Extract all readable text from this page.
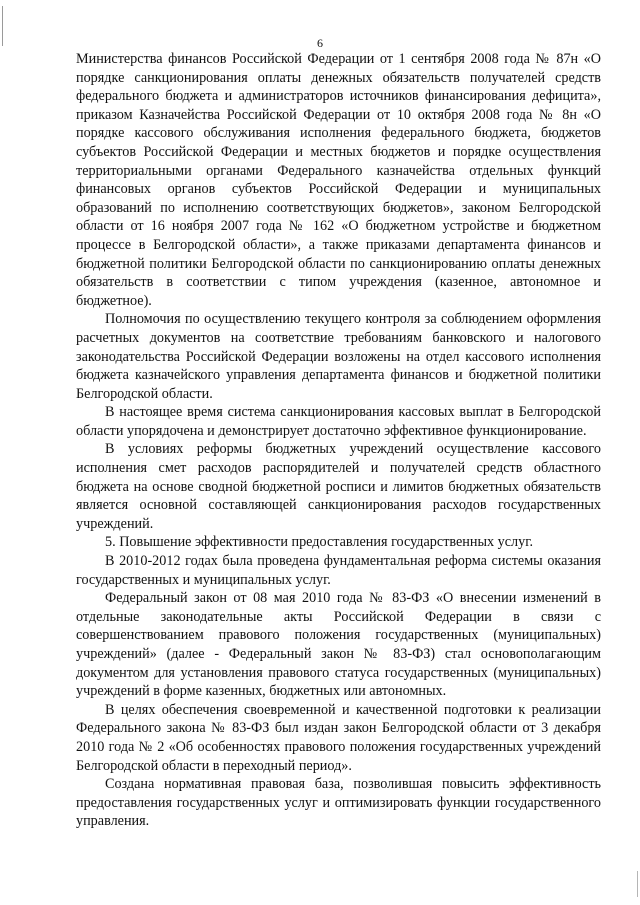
6

Министерства финансов Российской Федерации от 1 сентября 2008 года № 87н «О порядке санкционирования оплаты денежных обязательств получателей средств федерального бюджета и администраторов источников финансирования дефицита», приказом Казначейства Российской Федерации от 10 октября 2008 года № 8н «О порядке кассового обслуживания исполнения федерального бюджета, бюджетов субъектов Российской Федерации и местных бюджетов и порядке осуществления территориальными органами Федерального казначейства отдельных функций финансовых органов субъектов Российской Федерации и муниципальных образований по исполнению соответствующих бюджетов», законом Белгородской области от 16 ноября 2007 года № 162 «О бюджетном устройстве и бюджетном процессе в Белгородской области», а также приказами департамента финансов и бюджетной политики Белгородской области по санкционированию оплаты денежных обязательств в соответствии с типом учреждения (казенное, автономное и бюджетное).

Полномочия по осуществлению текущего контроля за соблюдением оформления расчетных документов на соответствие требованиям банковского и налогового законодательства Российской Федерации возложены на отдел кассового исполнения бюджета казначейского управления департамента финансов и бюджетной политики Белгородской области.

В настоящее время система санкционирования кассовых выплат в Белгородской области упорядочена и демонстрирует достаточно эффективное функционирование.

В условиях реформы бюджетных учреждений осуществление кассового исполнения смет расходов распорядителей и получателей средств областного бюджета на основе сводной бюджетной росписи и лимитов бюджетных обязательств является основной составляющей санкционирования расходов государственных учреждений.

5. Повышение эффективности предоставления государственных услуг.

В 2010-2012 годах была проведена фундаментальная реформа системы оказания государственных и муниципальных услуг.

Федеральный закон от 08 мая 2010 года № 83-ФЗ «О внесении изменений в отдельные законодательные акты Российской Федерации в связи с совершенствованием правового положения государственных (муниципальных) учреждений» (далее - Федеральный закон № 83-ФЗ) стал основополагающим документом для установления правового статуса государственных (муниципальных) учреждений в форме казенных, бюджетных или автономных.

В целях обеспечения своевременной и качественной подготовки к реализации Федерального закона № 83-ФЗ был издан закон Белгородской области от 3 декабря 2010 года № 2 «Об особенностях правового положения государственных учреждений Белгородской области в переходный период».

Создана нормативная правовая база, позволившая повысить эффективность предоставления государственных услуг и оптимизировать функции государственного управления.
